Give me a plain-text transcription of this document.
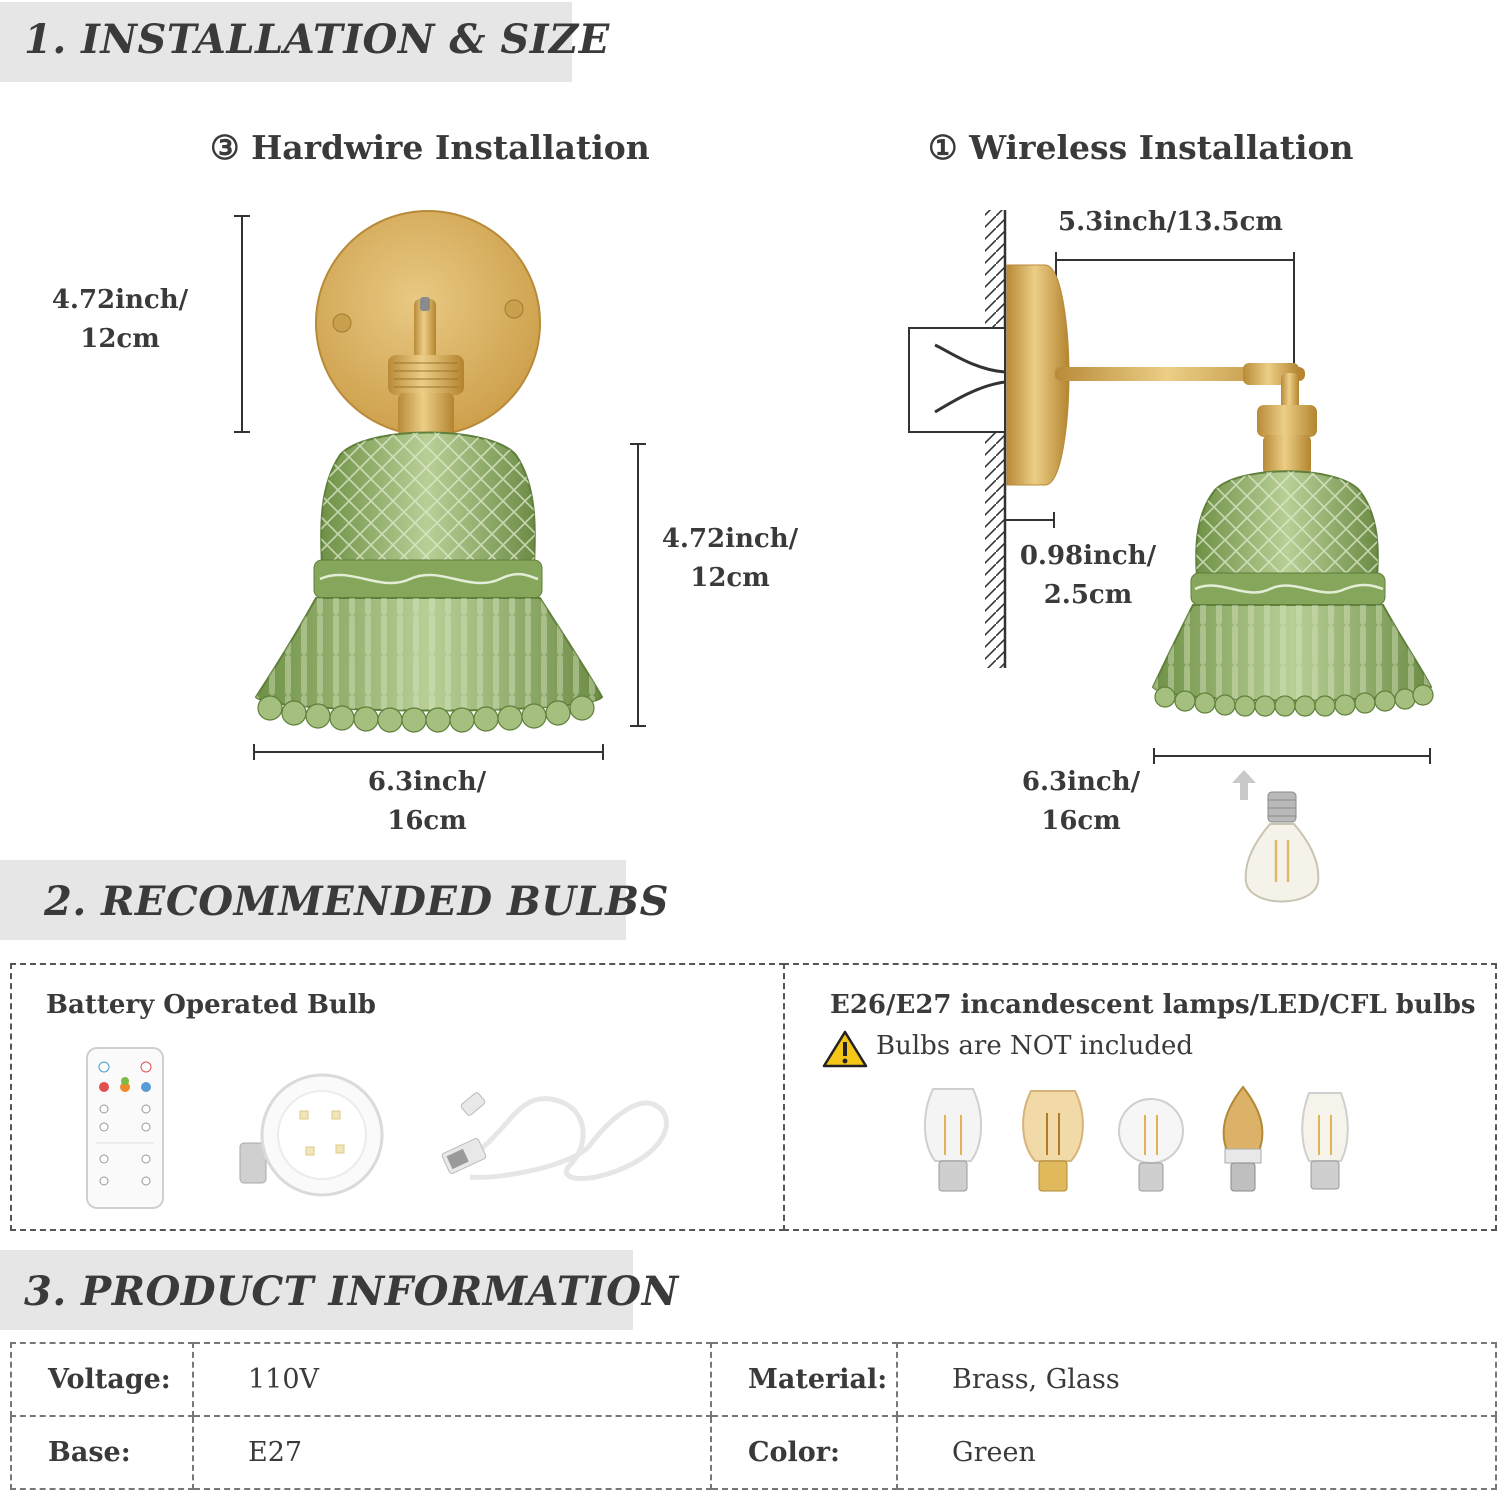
1. INSTALLATION & SIZE
③ Hardwire Installation	① Wireless Installation
4.72inch/
12cm
4.72inch/
12cm
6.3inch/
16cm
5.3inch/13.5cm
0.98inch/
2.5cm
6.3inch/
16cm
2. RECOMMENDED BULBS
Battery Operated Bulb	E26/E27 incandescent lamps/LED/CFL bulbs
Bulbs are NOT included
3. PRODUCT INFORMATION
Voltage:	110V	Material:	Brass, Glass
Base:	E27	Color:	Green
